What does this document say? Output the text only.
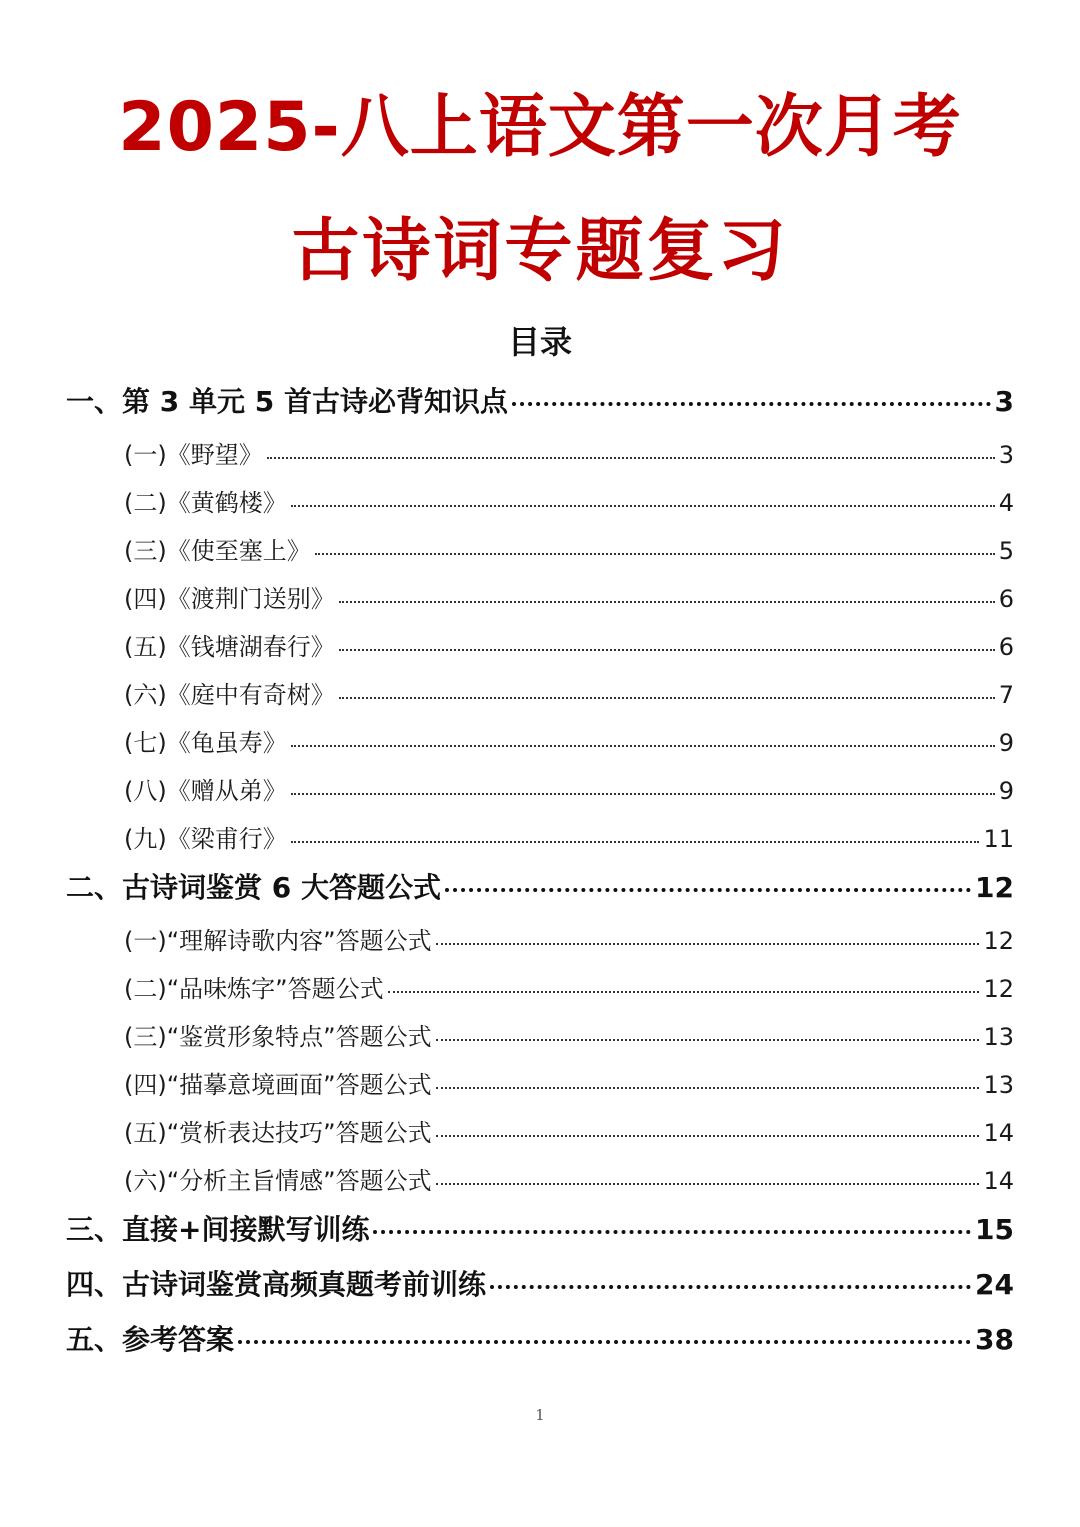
2025-八上语文第一次月考
古诗词专题复习
目录
一、第 3 单元 5 首古诗必背知识点	3
(一)《野望》	3
(二)《黄鹤楼》	4
(三)《使至塞上》	5
(四)《渡荆门送别》	6
(五)《钱塘湖春行》	6
(六)《庭中有奇树》	7
(七)《龟虽寿》	9
(八)《赠从弟》	9
(九)《梁甫行》	11
二、古诗词鉴赏 6 大答题公式	12
(一)“理解诗歌内容”答题公式	12
(二)“品味炼字”答题公式	12
(三)“鉴赏形象特点”答题公式	13
(四)“描摹意境画面”答题公式	13
(五)“赏析表达技巧”答题公式	14
(六)“分析主旨情感”答题公式	14
三、直接+间接默写训练	15
四、古诗词鉴赏高频真题考前训练	24
五、参考答案	38
1
